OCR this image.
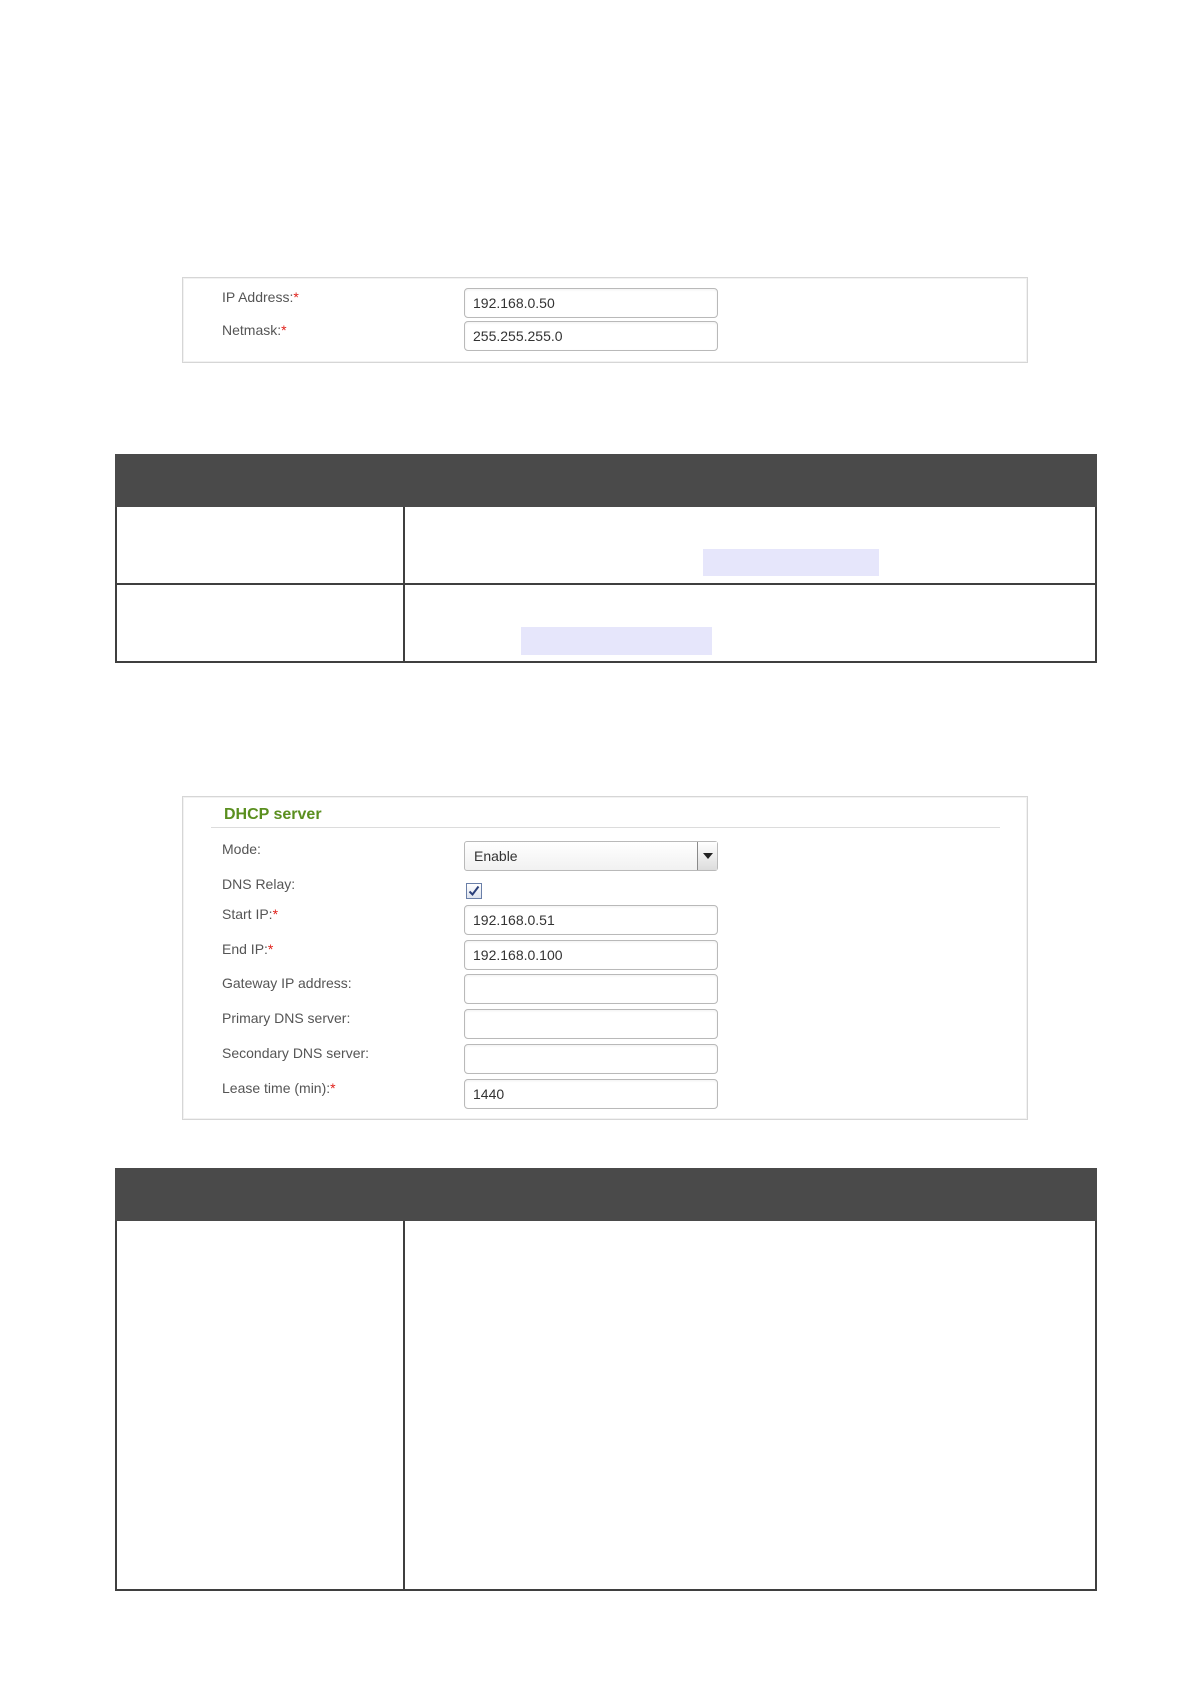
IP Address:*
192.168.0.50
Netmask:*
255.255.255.0

DHCP server
Mode:	Enable
DNS Relay:
Start IP:*
192.168.0.51
End IP:*
192.168.0.100
Gateway IP address:
Primary DNS server:
Secondary DNS server:
Lease time (min):*
1440
